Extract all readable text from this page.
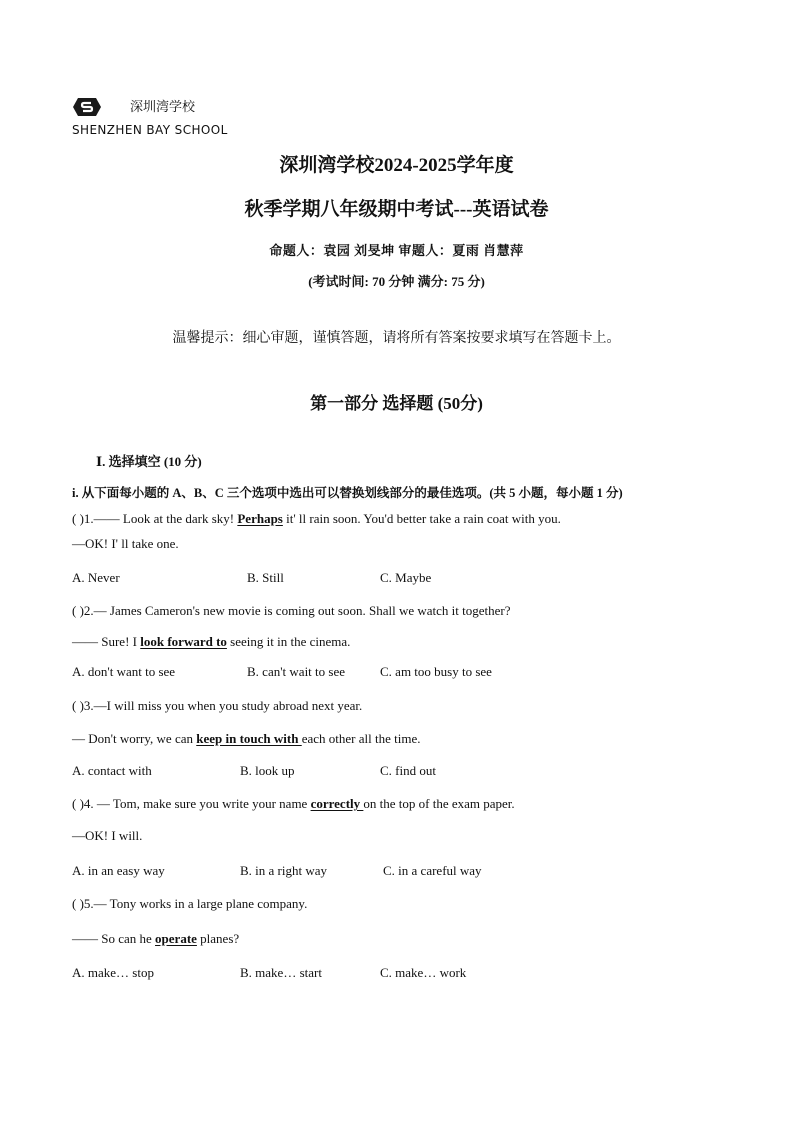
深圳湾学校
SHENZHEN BAY SCHOOL
深圳湾学校2024-2025学年度
秋季学期八年级期中考试---英语试卷
命题人：袁园 刘旻坤 审题人：夏雨 肖慧萍
(考试时间: 70 分钟 满分: 75 分)
温馨提示：细心审题，谨慎答题，请将所有答案按要求填写在答题卡上。
第一部分 选择题 (50分)
Ⅰ. 选择填空 (10 分)
i. 从下面每小题的 A、B、C 三个选项中选出可以替换划线部分的最佳选项。(共 5 小题，每小题 1 分)
( )1.—— Look at the dark sky! Perhaps it' ll rain soon. You'd better take a rain coat with you.
—OK! I' ll take one.
A. Never	B. Still	C. Maybe
( )2.— James Cameron's new movie is coming out soon. Shall we watch it together?
—— Sure! I look forward to seeing it in the cinema.
A. don't want to see	B. can't wait to see	C. am too busy to see
( )3.—I will miss you when you study abroad next year.
— Don't worry, we can keep in touch with each other all the time.
A. contact with	B. look up	C. find out
( )4. — Tom, make sure you write your name correctly on the top of the exam paper.
—OK! I will.
A. in an easy way	B. in a right way	C. in a careful way
( )5.— Tony works in a large plane company.
—— So can he operate planes?
A. make… stop	B. make… start	C. make… work
